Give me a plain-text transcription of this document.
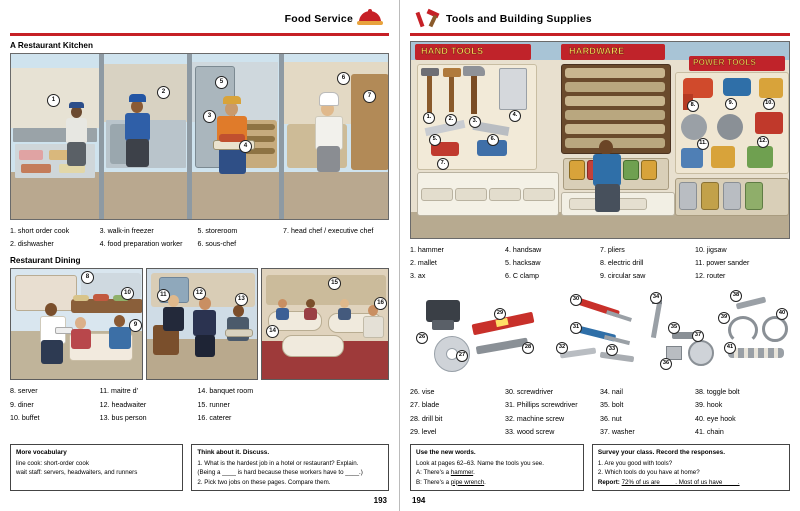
Food Service
A Restaurant Kitchen
1
2
3
4
5
6
7
1. short order cook
2. dishwasher
3. walk-in freezer
4. food preparation worker
5. storeroom
6. sous-chef
7. head chef / executive chef
Restaurant Dining
8
9
10	11	12
13
14
15
16
8. server
9. diner
10. buffet
11. maitre d'
12. headwaiter
13. bus person
14. banquet room
15. runner
16. caterer
More vocabulary
line cook: short-order cook
wait staff: servers, headwaiters, and runners
Think about it. Discuss.
1. What is the hardest job in a hotel or restaurant? Explain.
(Being a ____ is hard because these workers have to ____.)
2. Pick two jobs on these pages. Compare them.
193
Tools and Building Supplies
HAND TOOLS	HARDWARE
POWER TOOLS
1.	2.	3.
4.
5.	6.
7.
8.	9.	10.
11.	12.
1. hammer
2. mallet
3. ax
4. handsaw
5. hacksaw
6. C clamp
7. pliers
8. electric drill
9. circular saw
10. jigsaw
11. power sander
12. router
26
27
28
29
30
31
32	33
34
35
36
37
38
39
40
41
26. vise
27. blade
28. drill bit
29. level
30. screwdriver
31. Phillips screwdriver
32. machine screw
33. wood screw
34. nail
35. bolt
36. nut
37. washer
38. toggle bolt
39. hook
40. eye hook
41. chain
Use the new words.
Look at pages 62–63. Name the tools you see.
A: There's a hammer.
B: There's a pipe wrench.
Survey your class. Record the responses.
1. Are you good with tools?
2. Which tools do you have at home?
Report: 72% of us are ____. Most of us have ____.
194
